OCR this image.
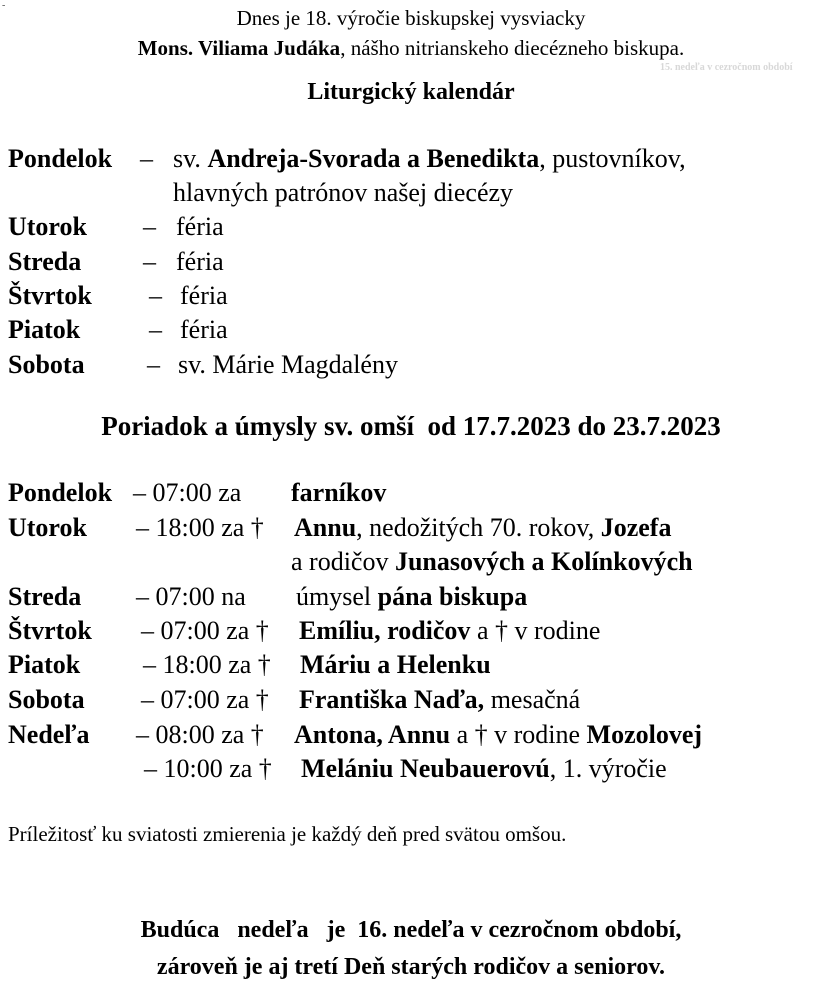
-
Dnes je 18. výročie biskupskej vysviacky
Mons. Viliama Judáka, nášho nitrianskeho diecézneho biskupa.
15. nedeľa v cezročnom období
Liturgický kalendár
Pondelok – sv. Andreja-Svorada a Benedikta, pustovníkov,
hlavných patrónov našej diecézy
Utorok – féria
Streda – féria
Štvrtok – féria
Piatok	– féria
Sobota – sv. Márie Magdalény
Poriadok a úmysly sv. omší  od 17.7.2023 do 23.7.2023
Pondelok – 07:00 za farníkov
Utorok – 18:00 za † Annu, nedožitých 70. rokov, Jozefa
a rodičov Junasových a Kolínkových
Streda – 07:00 na úmysel pána biskupa
Štvrtok – 07:00 za † Emíliu, rodičov a † v rodine
Piatok – 18:00 za † Máriu a Helenku
Sobota – 07:00 za † Františka Naďa, mesačná
Nedeľa – 08:00 za † Antona, Annu a † v rodine Mozolovej
– 10:00 za † Melániu Neubauerovú, 1. výročie
Príležitosť ku sviatosti zmierenia je každý deň pred svätou omšou.
Budúca   nedeľa   je  16. nedeľa v cezročnom období,
zároveň je aj tretí Deň starých rodičov a seniorov.
